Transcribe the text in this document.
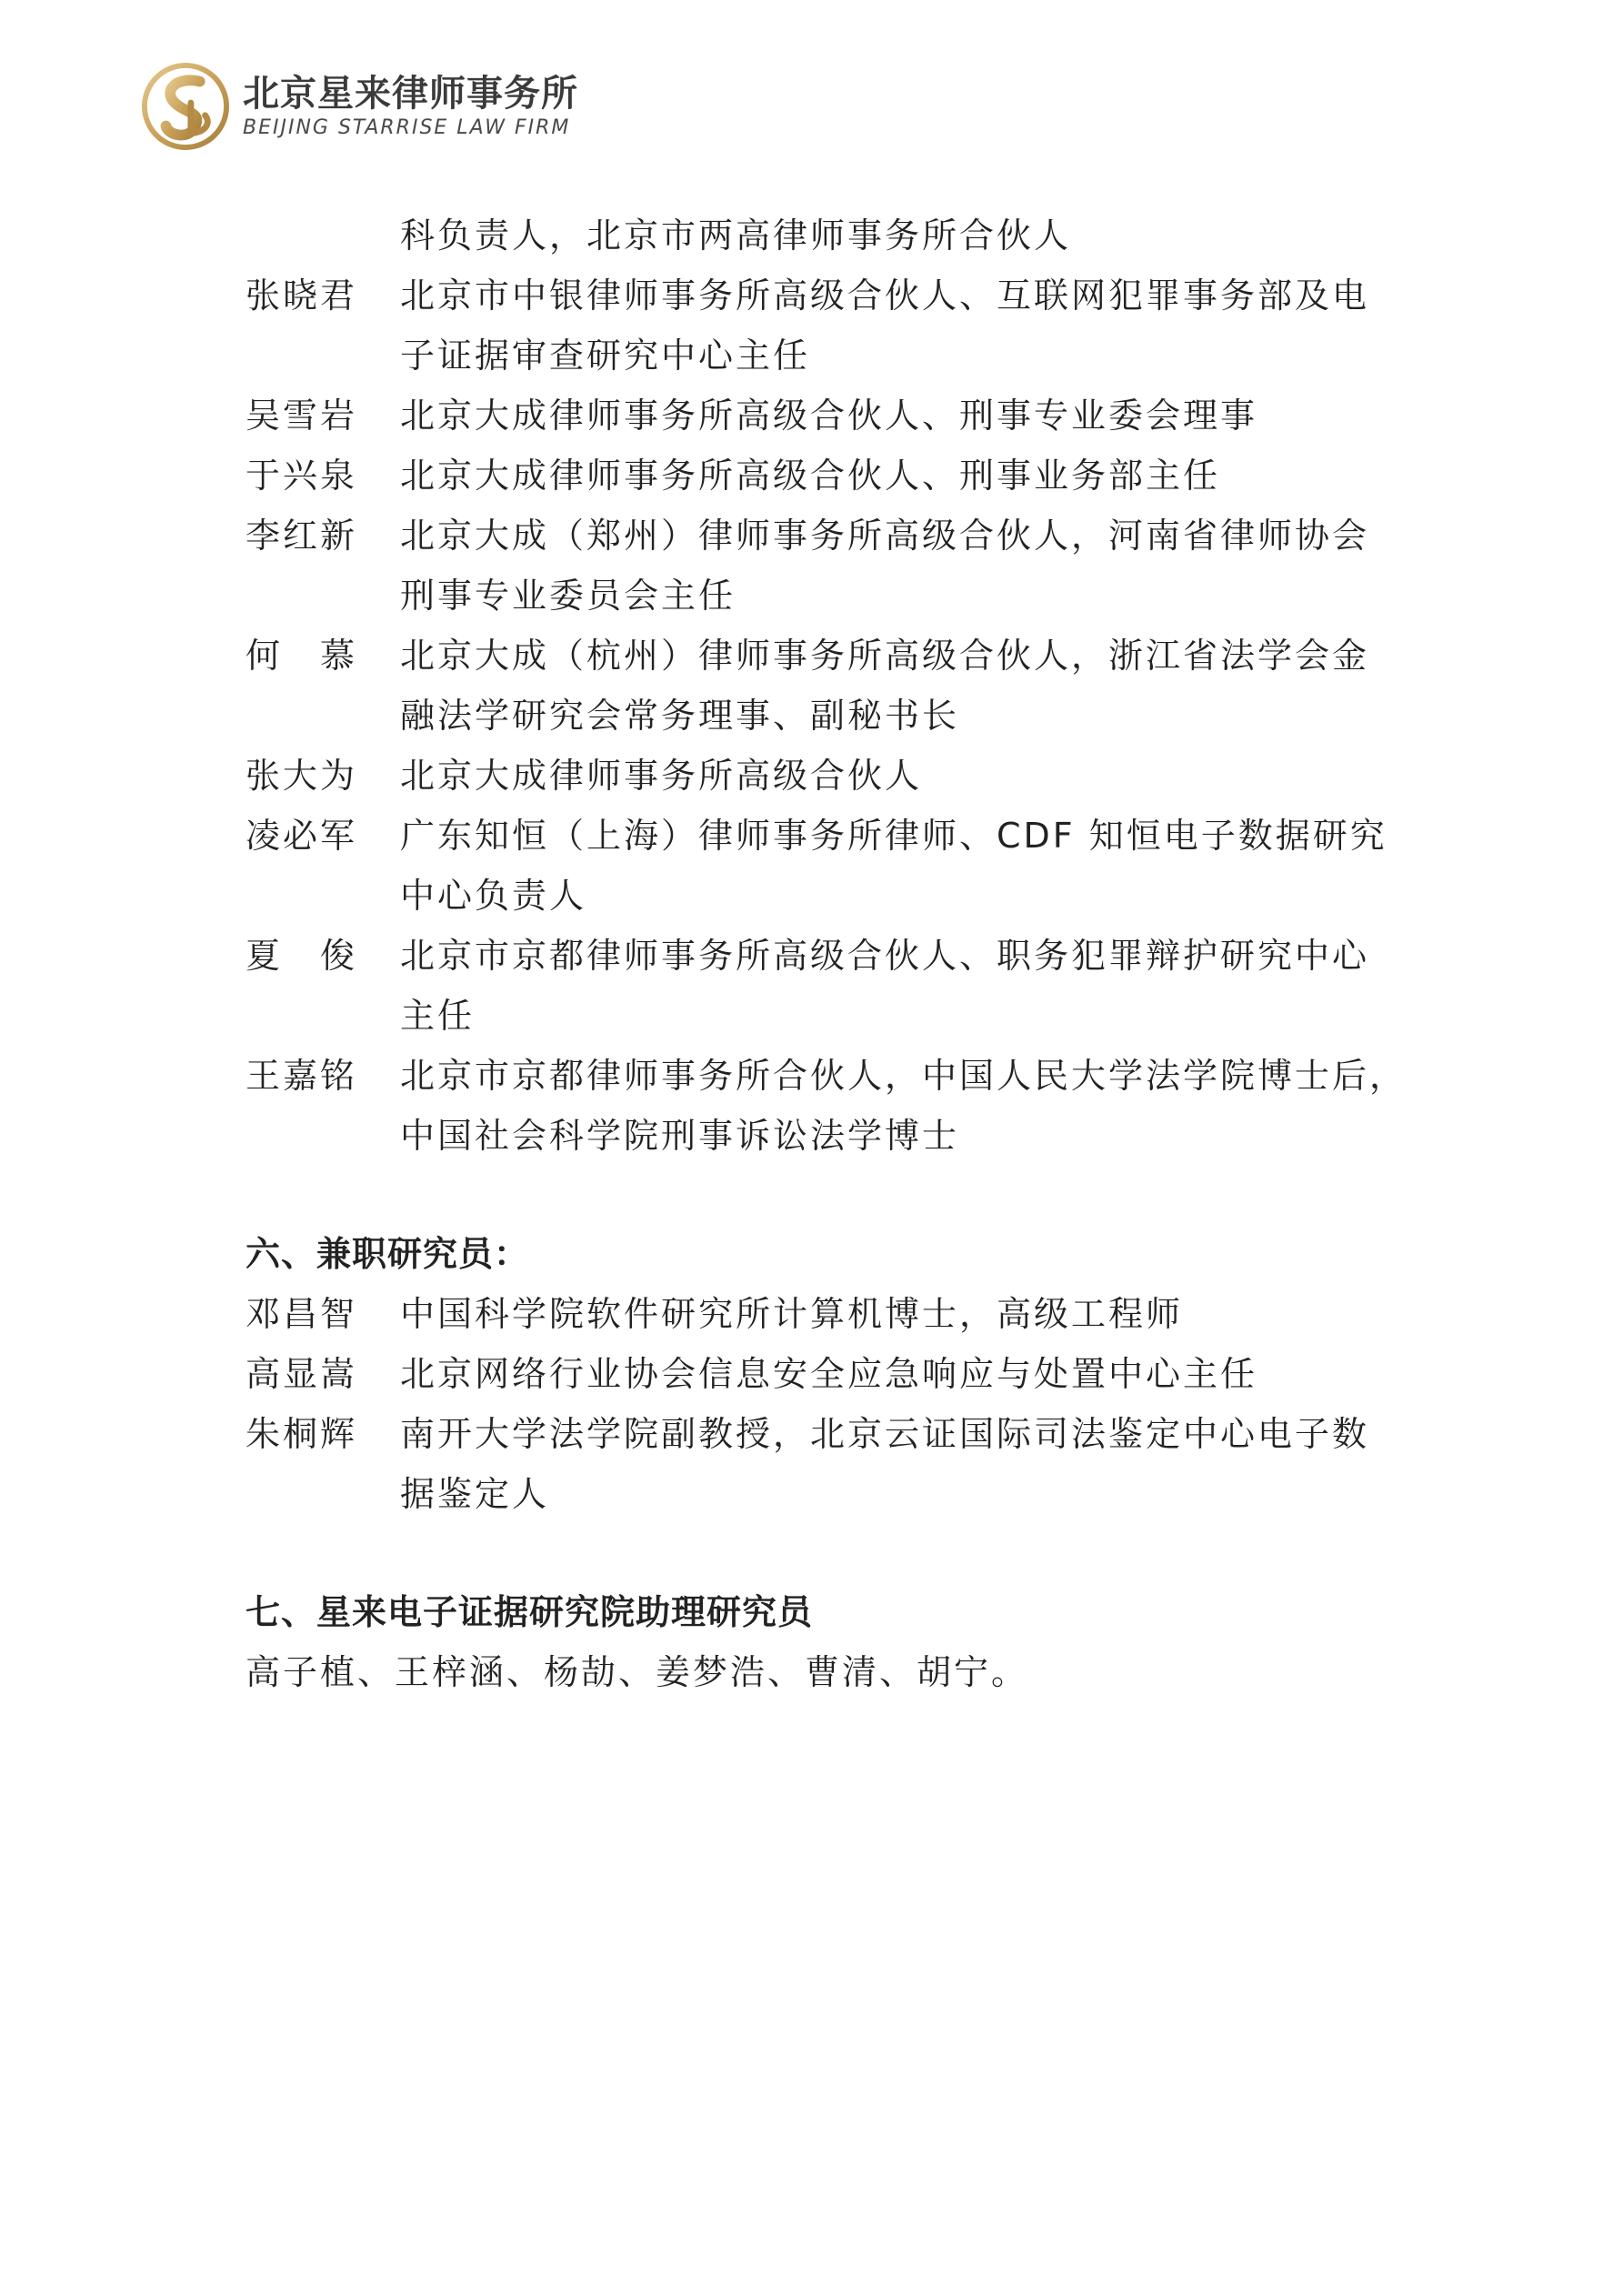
北京星来律师事务所
BEIJING STARRISE LAW FIRM
科负责人，北京市两高律师事务所合伙人
张晓君	北京市中银律师事务所高级合伙人、互联网犯罪事务部及电
子证据审查研究中心主任
吴雪岩	北京大成律师事务所高级合伙人、刑事专业委会理事
于兴泉	北京大成律师事务所高级合伙人、刑事业务部主任
李红新	北京大成（郑州）律师事务所高级合伙人，河南省律师协会
刑事专业委员会主任
何 慕 北京大成（杭州）律师事务所高级合伙人，浙江省法学会金
融法学研究会常务理事、副秘书长
张大为	北京大成律师事务所高级合伙人
凌必军	广东知恒（上海）律师事务所律师、CDF 知恒电子数据研究
中心负责人
夏 俊 北京市京都律师事务所高级合伙人、职务犯罪辩护研究中心
主任
王嘉铭	北京市京都律师事务所合伙人，中国人民大学法学院博士后，
中国社会科学院刑事诉讼法学博士
六、兼职研究员：
邓昌智	中国科学院软件研究所计算机博士，高级工程师
高显嵩	北京网络行业协会信息安全应急响应与处置中心主任
朱桐辉	南开大学法学院副教授，北京云证国际司法鉴定中心电子数
据鉴定人
七、星来电子证据研究院助理研究员
高子植、王梓涵、杨劼、姜梦浩、曹清、胡宁。
